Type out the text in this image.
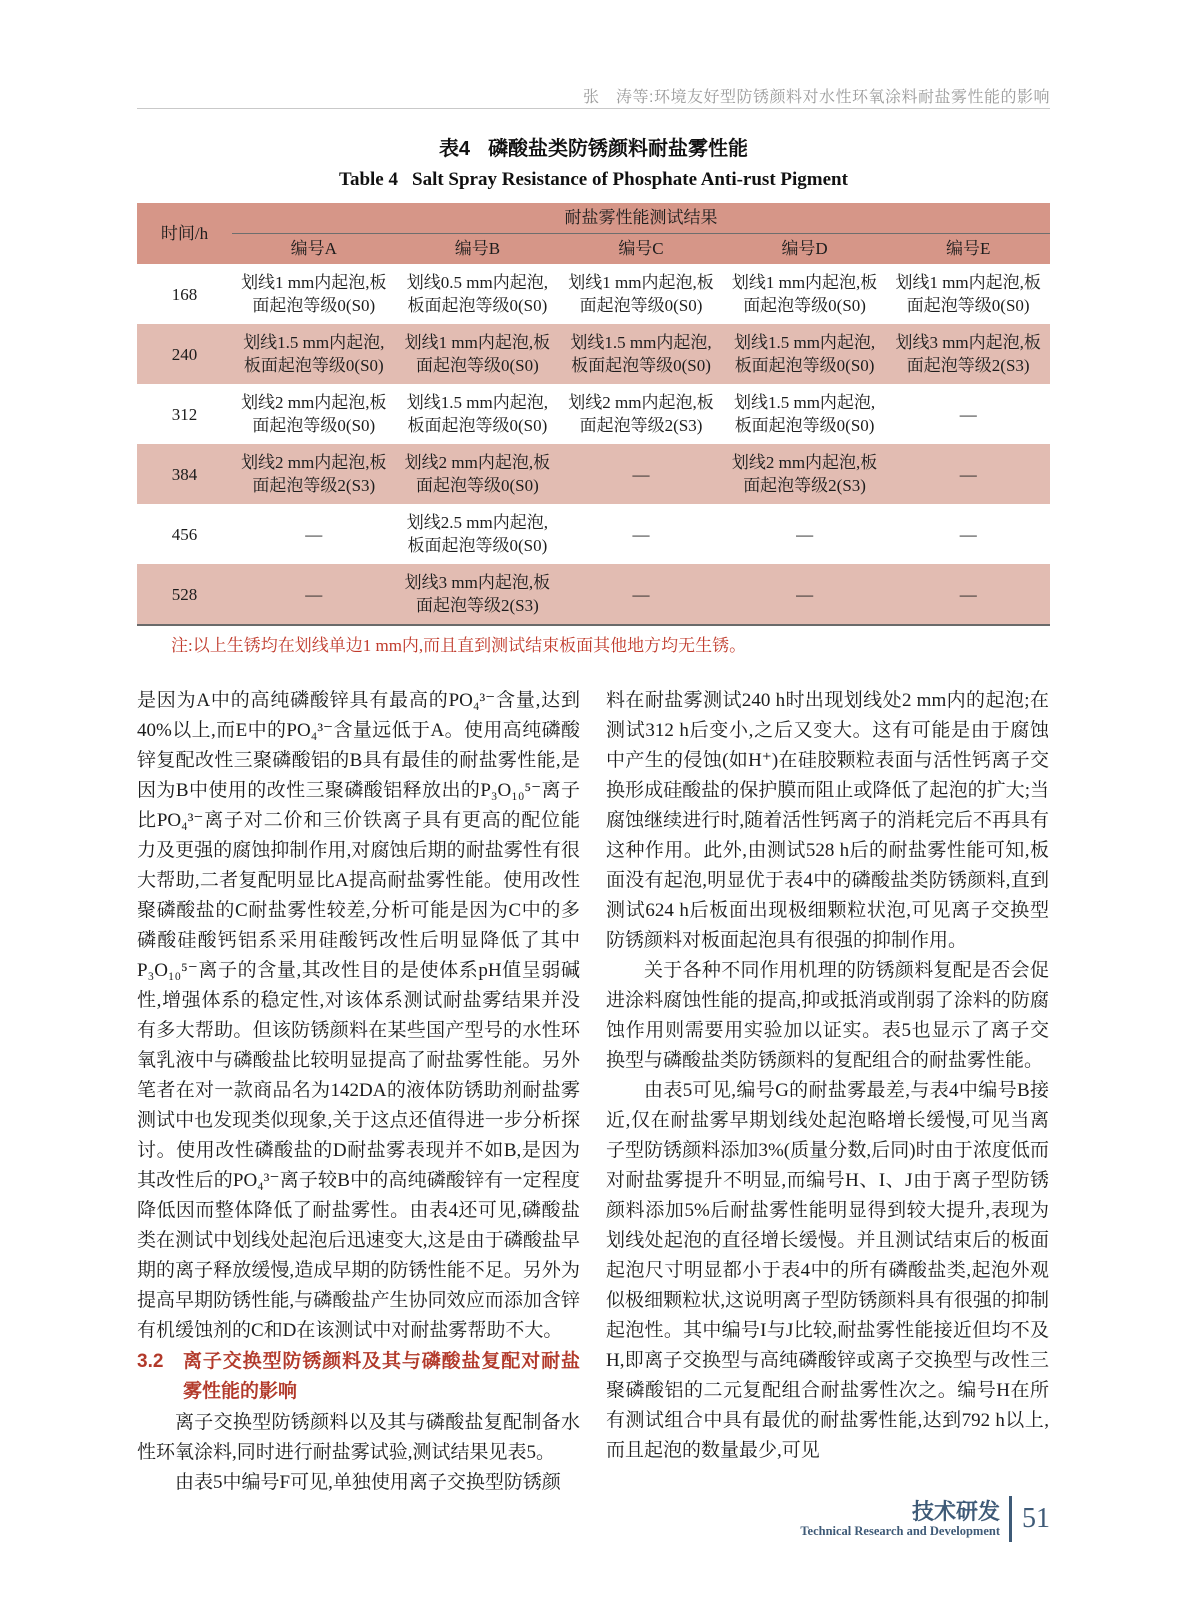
张　涛等:环境友好型防锈颜料对水性环氧涂料耐盐雾性能的影响
表4 磷酸盐类防锈颜料耐盐雾性能
Table 4 Salt Spray Resistance of Phosphate Anti-rust Pigment
时间/h	耐盐雾性能测试结果				
	编号A	编号B	编号C	编号D	编号E
168	划线1 mm内起泡,板面起泡等级0(S0)	划线0.5 mm内起泡,板面起泡等级0(S0)	划线1 mm内起泡,板面起泡等级0(S0)	划线1 mm内起泡,板面起泡等级0(S0)	划线1 mm内起泡,板面起泡等级0(S0)
240	划线1.5 mm内起泡,板面起泡等级0(S0)	划线1 mm内起泡,板面起泡等级0(S0)	划线1.5 mm内起泡,板面起泡等级0(S0)	划线1.5 mm内起泡,板面起泡等级0(S0)	划线3 mm内起泡,板面起泡等级2(S3)
312	划线2 mm内起泡,板面起泡等级0(S0)	划线1.5 mm内起泡,板面起泡等级0(S0)	划线2 mm内起泡,板面起泡等级2(S3)	划线1.5 mm内起泡,板面起泡等级0(S0)	—
384	划线2 mm内起泡,板面起泡等级2(S3)	划线2 mm内起泡,板面起泡等级0(S0)	—	划线2 mm内起泡,板面起泡等级2(S3)	—
456	—	划线2.5 mm内起泡,板面起泡等级0(S0)	—	—	—
528	—	划线3 mm内起泡,板面起泡等级2(S3)	—	—	—
注:以上生锈均在划线单边1 mm内,而且直到测试结束板面其他地方均无生锈。

是因为A中的高纯磷酸锌具有最高的PO₄³⁻含量,达到40%以上,而E中的PO₄³⁻含量远低于A。使用高纯磷酸锌复配改性三聚磷酸铝的B具有最佳的耐盐雾性能,是因为B中使用的改性三聚磷酸铝释放出的P₃O₁₀⁵⁻离子比PO₄³⁻离子对二价和三价铁离子具有更高的配位能力及更强的腐蚀抑制作用,对腐蚀后期的耐盐雾性有很大帮助,二者复配明显比A提高耐盐雾性能。使用改性聚磷酸盐的C耐盐雾性较差,分析可能是因为C中的多磷酸硅酸钙铝系采用硅酸钙改性后明显降低了其中P₃O₁₀⁵⁻离子的含量,其改性目的是使体系pH值呈弱碱性,增强体系的稳定性,对该体系测试耐盐雾结果并没有多大帮助。但该防锈颜料在某些国产型号的水性环氧乳液中与磷酸盐比较明显提高了耐盐雾性能。另外笔者在对一款商品名为142DA的液体防锈助剂耐盐雾测试中也发现类似现象,关于这点还值得进一步分析探讨。使用改性磷酸盐的D耐盐雾表现并不如B,是因为其改性后的PO₄³⁻离子较B中的高纯磷酸锌有一定程度降低因而整体降低了耐盐雾性。由表4还可见,磷酸盐类在测试中划线处起泡后迅速变大,这是由于磷酸盐早期的离子释放缓慢,造成早期的防锈性能不足。另外为提高早期防锈性能,与磷酸盐产生协同效应而添加含锌有机缓蚀剂的C和D在该测试中对耐盐雾帮助不大。

3.2	离子交换型防锈颜料及其与磷酸盐复配对耐盐雾性能的影响

离子交换型防锈颜料以及其与磷酸盐复配制备水性环氧涂料,同时进行耐盐雾试验,测试结果见表5。

由表5中编号F可见,单独使用离子交换型防锈颜

料在耐盐雾测试240 h时出现划线处2 mm内的起泡;在测试312 h后变小,之后又变大。这有可能是由于腐蚀中产生的侵蚀(如H⁺)在硅胶颗粒表面与活性钙离子交换形成硅酸盐的保护膜而阻止或降低了起泡的扩大;当腐蚀继续进行时,随着活性钙离子的消耗完后不再具有这种作用。此外,由测试528 h后的耐盐雾性能可知,板面没有起泡,明显优于表4中的磷酸盐类防锈颜料,直到测试624 h后板面出现极细颗粒状泡,可见离子交换型防锈颜料对板面起泡具有很强的抑制作用。

关于各种不同作用机理的防锈颜料复配是否会促进涂料腐蚀性能的提高,抑或抵消或削弱了涂料的防腐蚀作用则需要用实验加以证实。表5也显示了离子交换型与磷酸盐类防锈颜料的复配组合的耐盐雾性能。

由表5可见,编号G的耐盐雾最差,与表4中编号B接近,仅在耐盐雾早期划线处起泡略增长缓慢,可见当离子型防锈颜料添加3%(质量分数,后同)时由于浓度低而对耐盐雾提升不明显,而编号H、I、J由于离子型防锈颜料添加5%后耐盐雾性能明显得到较大提升,表现为划线处起泡的直径增长缓慢。并且测试结束后的板面起泡尺寸明显都小于表4中的所有磷酸盐类,起泡外观似极细颗粒状,这说明离子型防锈颜料具有很强的抑制起泡性。其中编号I与J比较,耐盐雾性能接近但均不及H,即离子交换型与高纯磷酸锌或离子交换型与改性三聚磷酸铝的二元复配组合耐盐雾性次之。编号H在所有测试组合中具有最优的耐盐雾性能,达到792 h以上,而且起泡的数量最少,可见

技术研发
Technical Research and Development 51
